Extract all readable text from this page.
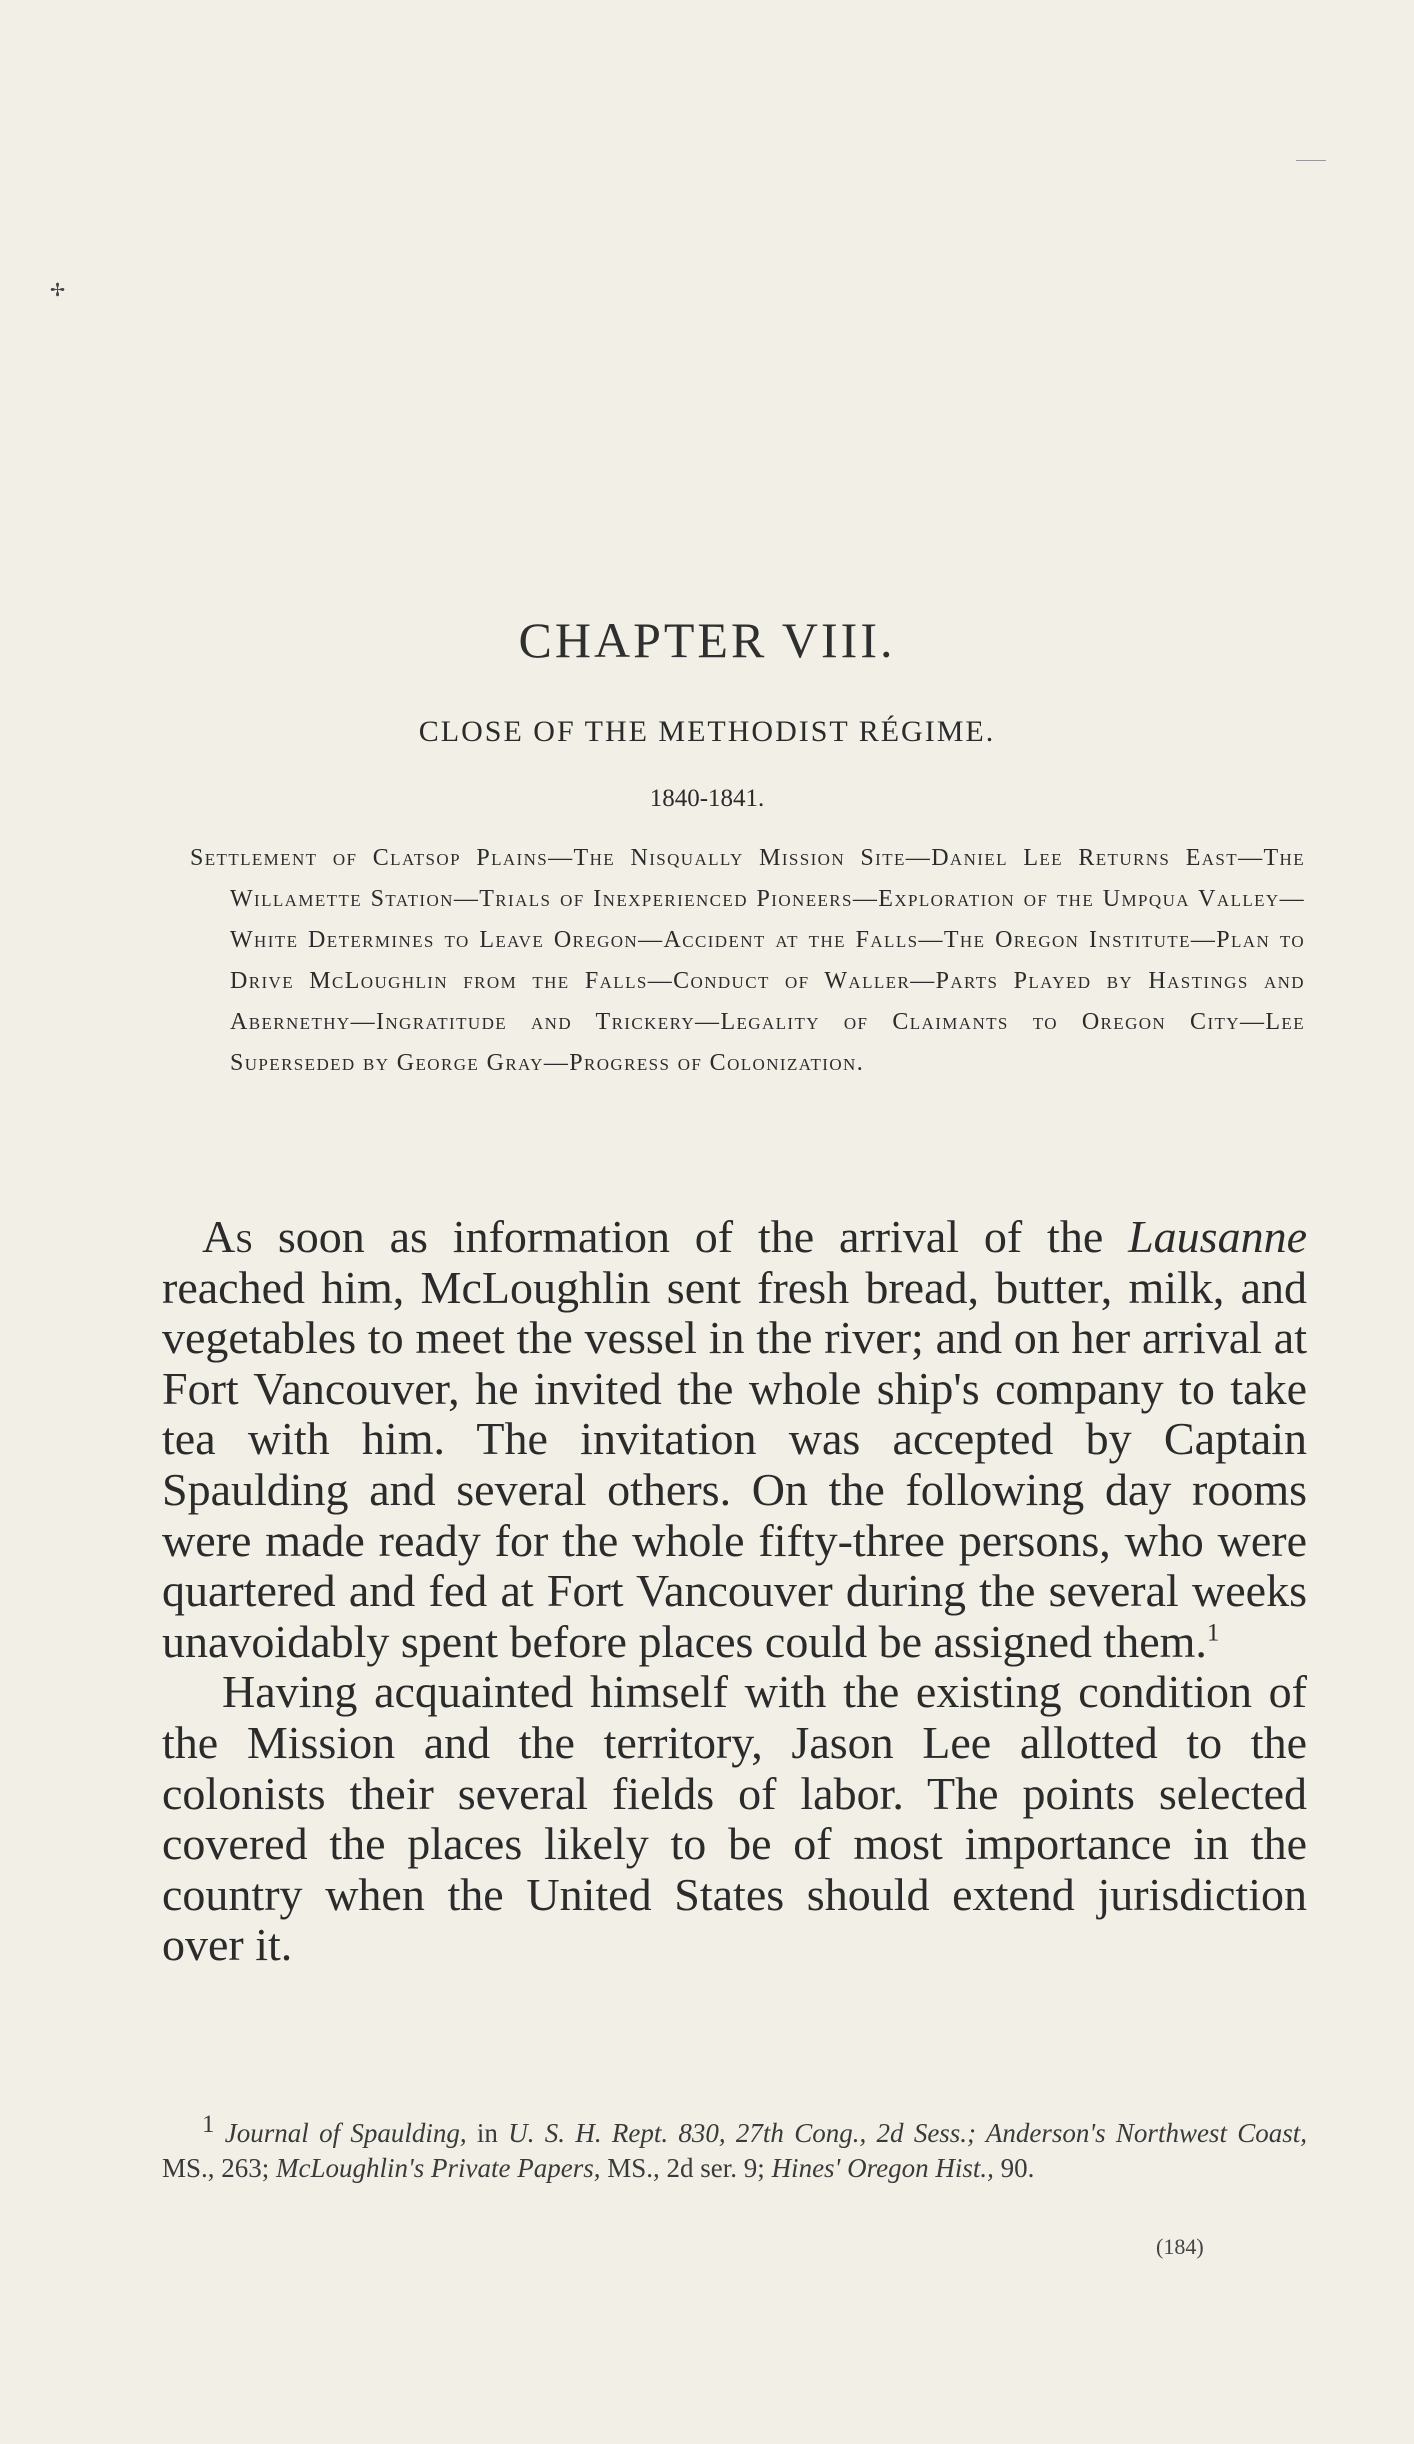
✢
CHAPTER VIII.
CLOSE OF THE METHODIST RÉGIME.
1840-1841.
Settlement of Clatsop Plains—The Nisqually Mission Site—Daniel Lee Returns East—The Willamette Station—Trials of Inexperienced Pioneers—Exploration of the Umpqua Valley—White Determines to Leave Oregon—Accident at the Falls—The Oregon Institute—Plan to Drive McLoughlin from the Falls—Conduct of Waller—Parts Played by Hastings and Abernethy—Ingratitude and Trickery—Legality of Claimants to Oregon City—Lee Superseded by George Gray—Progress of Colonization.

As soon as information of the arrival of the Lausanne reached him, McLoughlin sent fresh bread, butter, milk, and vegetables to meet the vessel in the river; and on her arrival at Fort Vancouver, he invited the whole ship's company to take tea with him. The invitation was accepted by Captain Spaulding and several others. On the following day rooms were made ready for the whole fifty-three persons, who were quartered and fed at Fort Vancouver during the several weeks unavoidably spent before places could be assigned them.$^1$

Having acquainted himself with the existing condition of the Mission and the territory, Jason Lee allotted to the colonists their several fields of labor. The points selected covered the places likely to be of most importance in the country when the United States should extend jurisdiction over it.

$^1$ Journal of Spaulding, in U. S. H. Rept. 830, 27th Cong., 2d Sess.; Anderson's Northwest Coast, MS., 263; McLoughlin's Private Papers, MS., 2d ser. 9; Hines' Oregon Hist., 90.
(184)
